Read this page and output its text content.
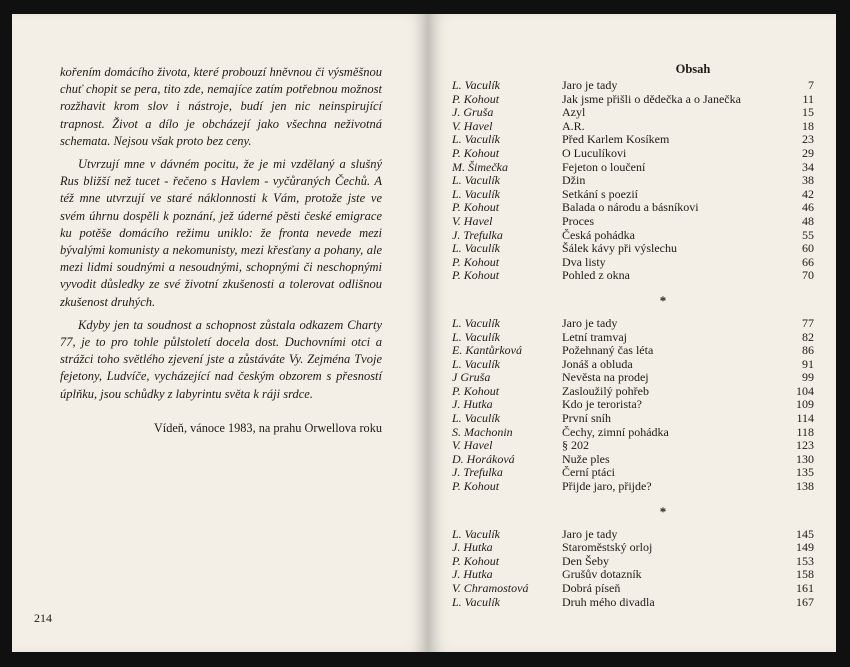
kořením domácího života, které probouzí hněvnou či výsměšnou chuť chopit se pera, tito zde, nemajíce zatím potřebnou možnost rozžhavit krom slov i nástroje, budí jen nic neinspirující trapnost. Život a dílo je obcházejí jako všechna neživotná schemata. Nejsou však proto bez ceny.

Utvrzují mne v dávném pocitu, že je mi vzdělaný a slušný Rus bližší než tucet - řečeno s Havlem - vyčůraných Čechů. A též mne utvrzují ve staré náklonnosti k Vám, protože jste ve svém úhrnu dospěli k poznání, jež úderné pěsti české emigrace ku potěše domácího režimu uniklo: že fronta nevede mezi bývalými komunisty a nekomunisty, mezi křesťany a pohany, ale mezi lidmi soudnými a nesoudnými, schopnými či neschopnými vyvodit důsledky ze své životní zkušenosti a tolerovat odlišnou zkušenost druhých.

Kdyby jen ta soudnost a schopnost zůstala odkazem Charty 77, je to pro tohle půlstoletí docela dost. Duchovními otci a strážci toho světlého zjevení jste a zůstáváte Vy. Zejména Tvoje fejetony, Ludvíče, vycházející nad českým obzorem s přesností úplňku, jsou schůdky z labyrintu světa k ráji srdce.

Vídeň, vánoce 1983, na prahu Orwellova roku
214
Obsah
L. Vaculík	Jaro je tady	7
P. Kohout	Jak jsme přišli o dědečka a o Janečka	11
J. Gruša	Azyl	15
V. Havel	A.R.	18
L. Vaculík	Před Karlem Kosíkem	23
P. Kohout	O Luculíkovi	29
M. Šimečka	Fejeton o loučení	34
L. Vaculík	Džin	38
L. Vaculík	Setkání s poezií	42
P. Kohout	Balada o národu a básníkovi	46
V. Havel	Proces	48
J. Trefulka	Česká pohádka	55
L. Vaculík	Šálek kávy při výslechu	60
P. Kohout	Dva listy	66
P. Kohout	Pohled z okna	70
*
L. Vaculík	Jaro je tady	77
L. Vaculík	Letní tramvaj	82
E. Kantůrková	Požehnaný čas léta	86
L. Vaculík	Jonáš a obluda	91
J Gruša	Nevěsta na prodej	99
P. Kohout	Zasloužilý pohřeb	104
J. Hutka	Kdo je teroristа?	109
L. Vaculík	První sníh	114
S. Machonin	Čechy, zimní pohádka	118
V. Havel	§ 202	123
D. Horáková	Nuže ples	130
J. Trefulka	Černí ptáci	135
P. Kohout	Přijde jaro, přijde?	138
*
L. Vaculík	Jaro je tady	145
J. Hutka	Staroměstský orloj	149
P. Kohout	Den Šeby	153
J. Hutka	Grušův dotazník	158
V. Chramostová	Dobrá píseň	161
L. Vaculík	Druh mého divadla	167
